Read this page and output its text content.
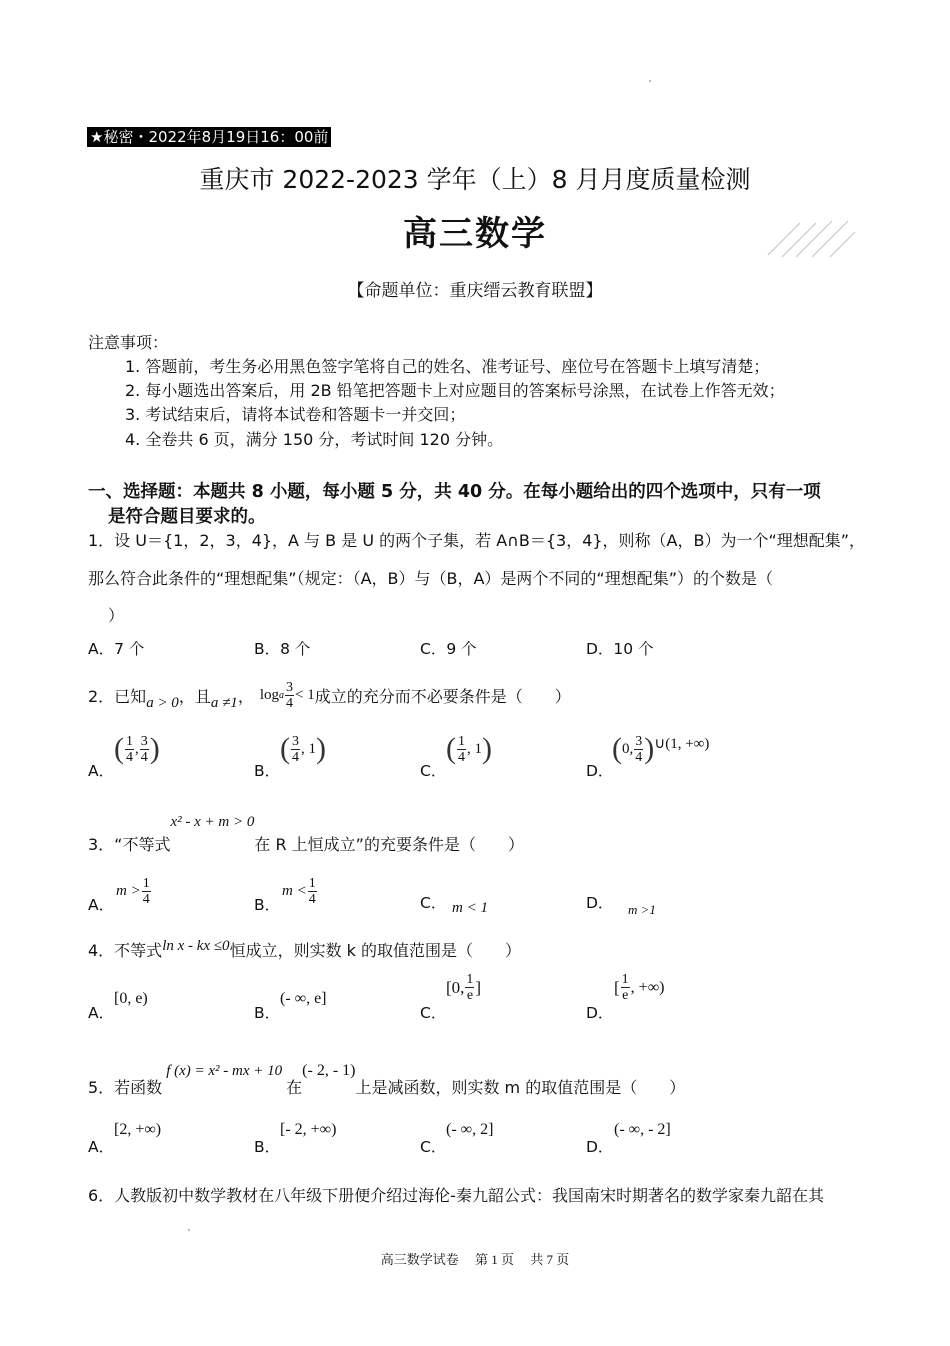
★秘密・2022年8月19日16：00前
重庆市 2022-2023 学年（上）8 月月度质量检测
高三数学
【命题单位：重庆缙云教育联盟】
注意事项：
1. 答题前，考生务必用黑色签字笔将自己的姓名、准考证号、座位号在答题卡上填写清楚；
2. 每小题选出答案后，用 2B 铅笔把答题卡上对应题目的答案标号涂黑，在试卷上作答无效；
3. 考试结束后，请将本试卷和答题卡一并交回；
4. 全卷共 6 页，满分 150 分，考试时间 120 分钟。
一、选择题：本题共 8 小题，每小题 5 分，共 40 分。在每小题给出的四个选项中，只有一项
是符合题目要求的。
1．设 U＝{1，2，3，4}，A 与 B 是 U 的两个子集，若 A∩B＝{3，4}，则称（A，B）为一个“理想配集”，
那么符合此条件的“理想配集”（规定：（A，B）与（B，A）是两个不同的“理想配集”）的个数是（
）
A．7 个	B．8 个	C．9 个	D．10 个
2．已知 a > 0 ，且 a ≠1 ， log a $\frac{3}{4} < 1$ 成立的充分而不必要条件是（　　）
A．
( $\frac{1}{4}$ , $\frac{3}{4}$ )
B．
( $\frac{3}{4}$ , 1 )
C．
( $\frac{1}{4}$ , 1 )
D．
( 0, $\frac{3}{4}$ ) ∪(1, +∞)
3．“不等式
x² - x + m > 0
在 R 上恒成立”的充要条件是（　　）
A．
$m > \frac{1}{4}$	B．
$m < \frac{1}{4}$	C． m < 1	D． m >1
4．不等式 ln x - kx ≤0 恒成立，则实数 k 的取值范围是（　　）
A．
[0, e)
B．
(- ∞, e]
C．
[0, $\frac{1}{e}$ ]
D．
[ $\frac{1}{e}$ , +∞)
5．若函数
f (x) = x² - mx + 10
在
(- 2, - 1)
上是减函数，则实数 m 的取值范围是（　　）
A．
[2, +∞)
B．
[- 2, +∞)
C．
(- ∞, 2]
D．
(- ∞, - 2]
6．人教版初中数学教材在八年级下册便介绍过海伦-秦九韶公式：我国南宋时期著名的数学家秦九韶在其
高三数学试卷　 第 1 页　 共 7 页
